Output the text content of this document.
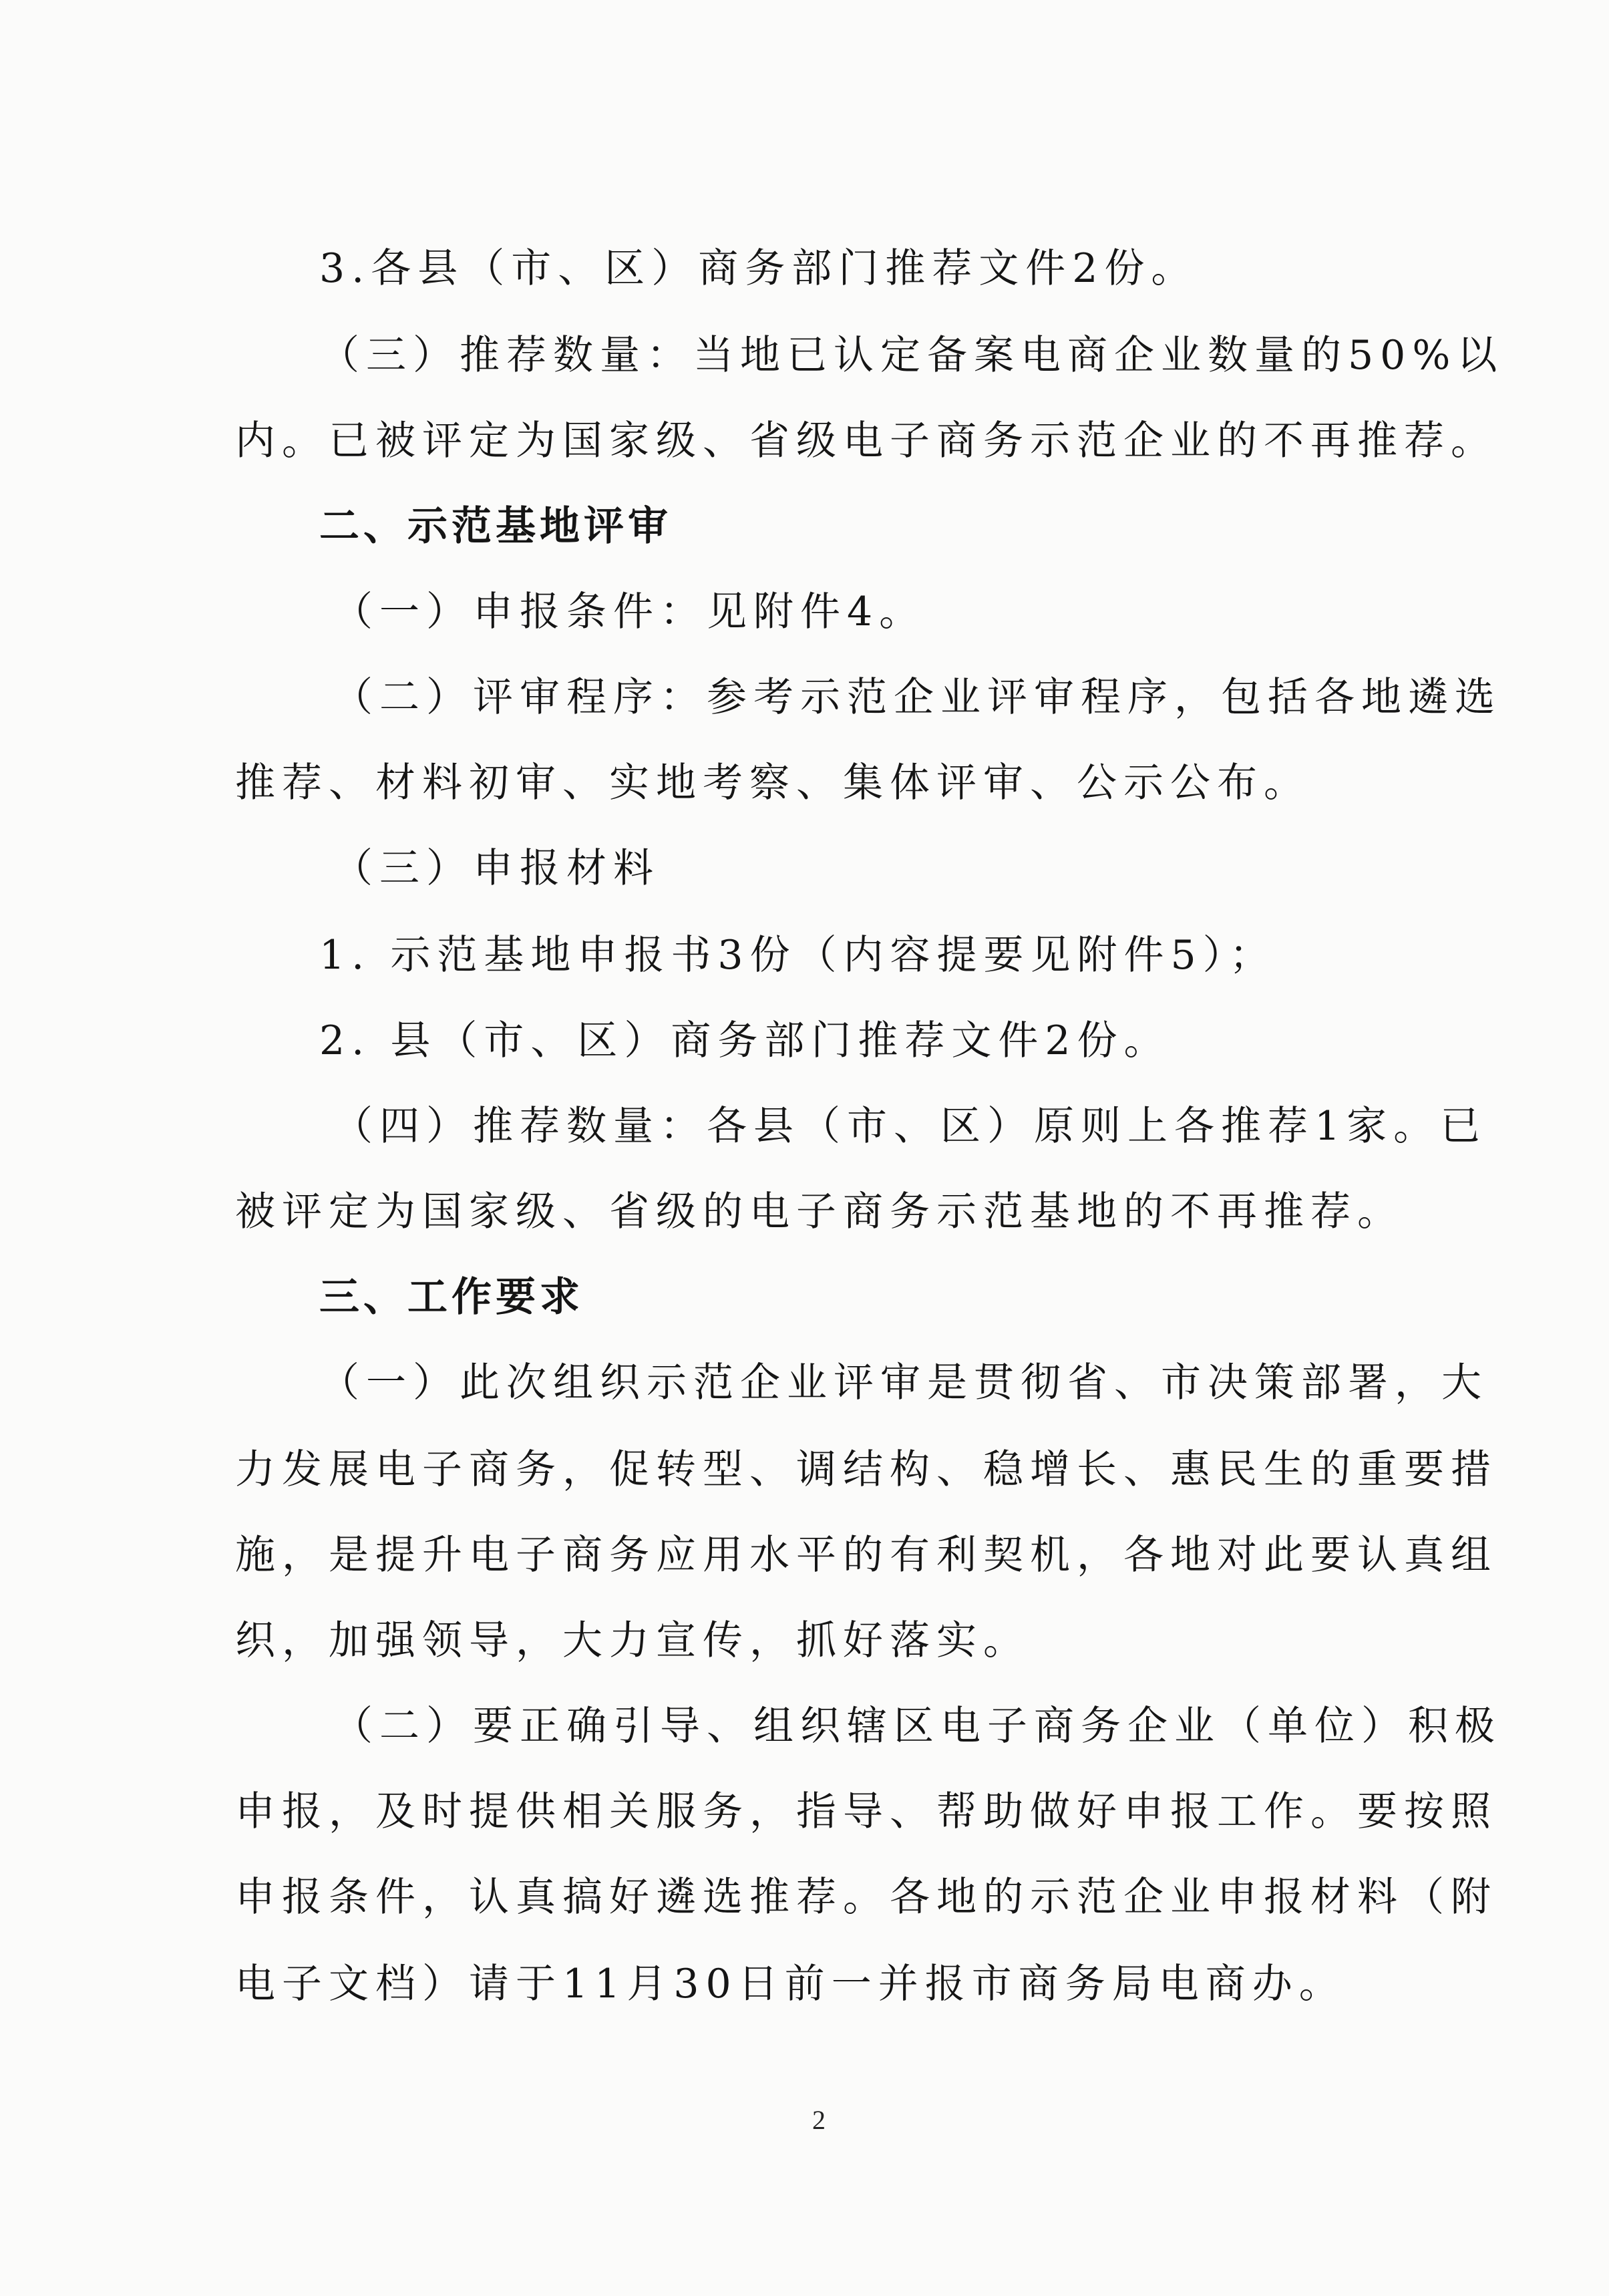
3.各县（市、区）商务部门推荐文件2份。
（三）推荐数量：当地已认定备案电商企业数量的50%以
内。已被评定为国家级、省级电子商务示范企业的不再推荐。
二、示范基地评审
（一）申报条件：见附件4。
（二）评审程序：参考示范企业评审程序，包括各地遴选
推荐、材料初审、实地考察、集体评审、公示公布。
（三）申报材料
1. 示范基地申报书3份（内容提要见附件5）；
2. 县（市、区）商务部门推荐文件2份。
（四）推荐数量：各县（市、区）原则上各推荐1家。已
被评定为国家级、省级的电子商务示范基地的不再推荐。
三、工作要求
（一）此次组织示范企业评审是贯彻省、市决策部署，大
力发展电子商务，促转型、调结构、稳增长、惠民生的重要措
施，是提升电子商务应用水平的有利契机，各地对此要认真组
织，加强领导，大力宣传，抓好落实。
（二）要正确引导、组织辖区电子商务企业（单位）积极
申报，及时提供相关服务，指导、帮助做好申报工作。要按照
申报条件，认真搞好遴选推荐。各地的示范企业申报材料（附
电子文档）请于11月30日前一并报市商务局电商办。
2
